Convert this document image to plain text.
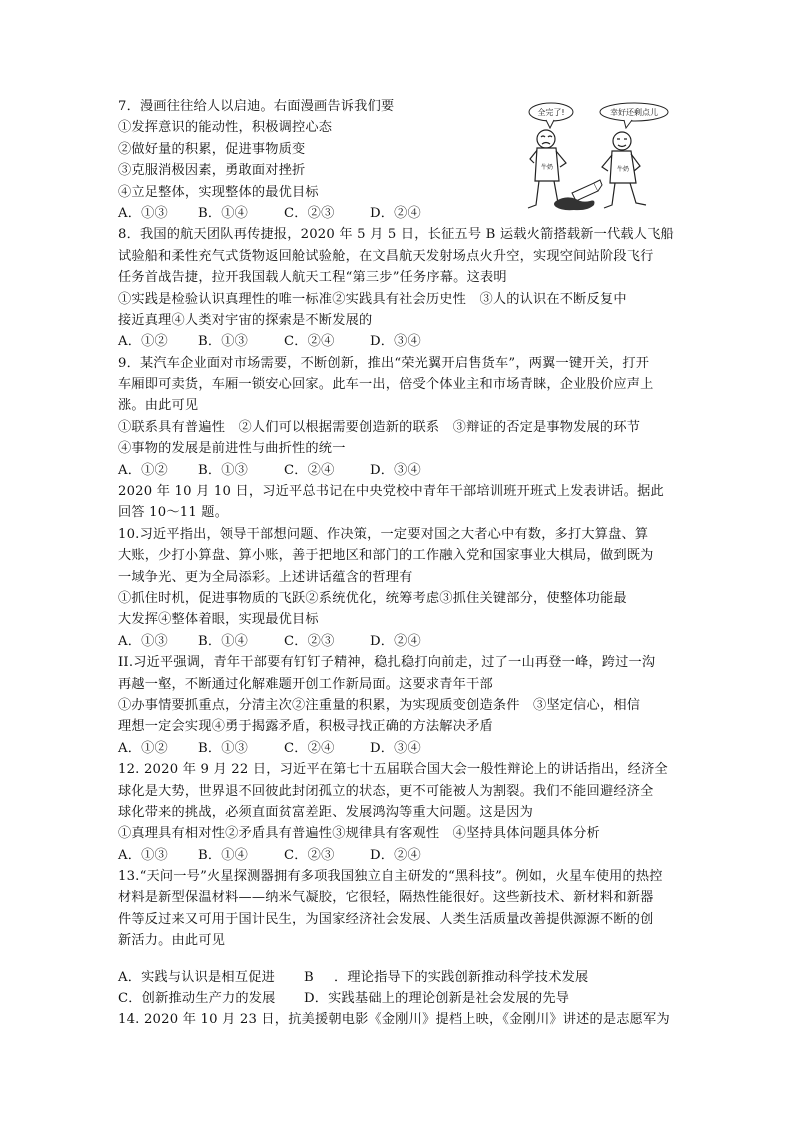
全完了!	幸好还剩点儿
牛奶	牛奶
7．漫画往往给人以启迪。右面漫画告诉我们要
①发挥意识的能动性，积极调控心态
②做好量的积累，促进事物质变
③克服消极因素，勇敢面对挫折
④立足整体，实现整体的最优目标
A．①③ B．①④	C．②③	D．②④
8．我国的航天团队再传捷报，2020 年 5 月 5 日，长征五号 B 运载火箭搭载新一代载人飞船
试验船和柔性充气式货物返回舱试验舱，在文昌航天发射场点火升空，实现空间站阶段飞行
任务首战告捷，拉开我国载人航天工程“第三步”任务序幕。这表明
①实践是检验认识真理性的唯一标准②实践具有社会历史性　③人的认识在不断反复中
接近真理④人类对宇宙的探索是不断发展的
A．①② B．①③	C．②④	D．③④
9．某汽车企业面对市场需要，不断创新，推出“荣光翼开启售货车”，两翼一键开关，打开
车厢即可卖货，车厢一锁安心回家。此车一出，倍受个体业主和市场青睐，企业股价应声上
涨。由此可见
①联系具有普遍性　②人们可以根据需要创造新的联系　③辩证的否定是事物发展的环节
④事物的发展是前进性与曲折性的统一
A．①② B．①③	C．②④	D．③④
2020 年 10 月 10 日，习近平总书记在中央党校中青年干部培训班开班式上发表讲话。据此
回答 10～11 题。
10.习近平指出，领导干部想问题、作决策，一定要对国之大者心中有数，多打大算盘、算
大账，少打小算盘、算小账，善于把地区和部门的工作融入党和国家事业大棋局，做到既为
一域争光、更为全局添彩。上述讲话蕴含的哲理有
①抓住时机，促进事物质的飞跃②系统优化，统筹考虑③抓住关键部分，使整体功能最
大发挥④整体着眼，实现最优目标
A．①③ B．①④	C．②③	D．②④
II.习近平强调，青年干部要有钉钉子精神，稳扎稳打向前走，过了一山再登一峰，跨过一沟
再越一壑，不断通过化解难题开创工作新局面。这要求青年干部
①办事情要抓重点，分清主次②注重量的积累，为实现质变创造条件　③坚定信心，相信
理想一定会实现④勇于揭露矛盾，积极寻找正确的方法解决矛盾
A．①② B．①③	C．②④	D．③④
12. 2020 年 9 月 22 日，习近平在第七十五届联合国大会一般性辩论上的讲话指出，经济全
球化是大势，世界退不回彼此封闭孤立的状态，更不可能被人为割裂。我们不能回避经济全
球化带来的挑战，必须直面贫富差距、发展鸿沟等重大问题。这是因为
①真理具有相对性②矛盾具有普遍性③规律具有客观性　④坚持具体问题具体分析
A．①③ B．①④	C．②③	D．②④
13.“天问一号”火星探测器拥有多项我国独立自主研发的“黑科技”。例如，火星车使用的热控
材料是新型保温材料——纳米气凝胶，它很轻，隔热性能很好。这些新技术、新材料和新器
件等反过来又可用于国计民生，为国家经济社会发展、人类生活质量改善提供源源不断的创
新活力。由此可见
A．实践与认识是相互促进 B ．理论指导下的实践创新推动科学技术发展
C．创新推动生产力的发展 D．实践基础上的理论创新是社会发展的先导
14. 2020 年 10 月 23 日，抗美援朝电影《金刚川》提档上映，《金刚川》讲述的是志愿军为
